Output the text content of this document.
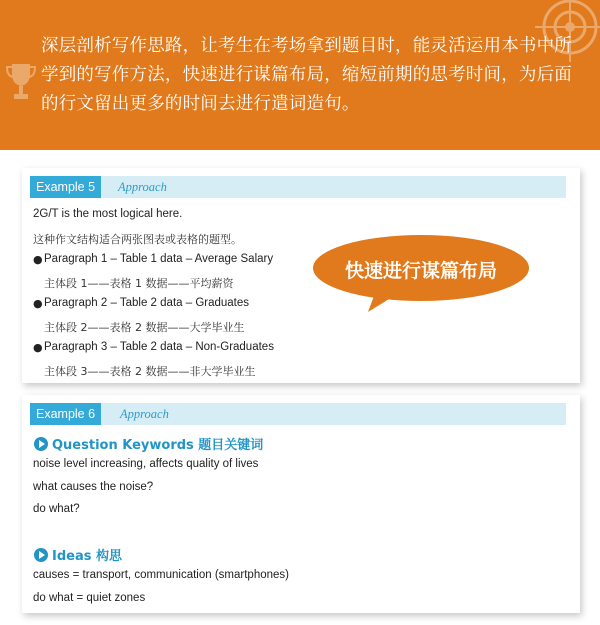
深层剖析写作思路，让考生在考场拿到题目时，能灵活运用本书中所学到的写作方法，快速进行谋篇布局，缩短前期的思考时间，为后面的行文留出更多的时间去进行遣词造句。

Example 5	Approach
2G/T is the most logical here.
这种作文结构适合两张图表或表格的题型。
● Paragraph 1 – Table 1 data – Average Salary
主体段 1——表格 1 数据——平均薪资
● Paragraph 2 – Table 2 data – Graduates
主体段 2——表格 2 数据——大学毕业生
● Paragraph 3 – Table 2 data – Non-Graduates
主体段 3——表格 2 数据——非大学毕业生
快速进行谋篇布局
Example 6	Approach
Question Keywords 题目关键词
noise level increasing, affects quality of lives
what causes the noise?
do what?
Ideas 构思
causes = transport, communication (smartphones)
do what = quiet zones
